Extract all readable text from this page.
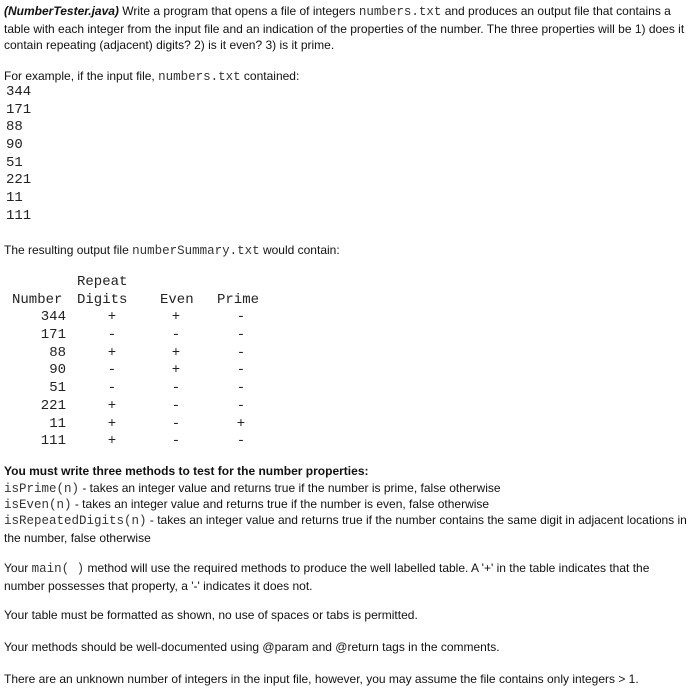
(NumberTester.java) Write a program that opens a file of integers numbers.txt and produces an output file that contains a table with each integer from the input file and an indication of the properties of the number. The three properties will be 1) does it contain repeating (adjacent) digits? 2) is it even? 3) is it prime.

For example, if the input file, numbers.txt contained:

344
171
88
90
51
221
11
111

The resulting output file numberSummary.txt would contain:

Repeat
Number Digits Even Prime
344	+	+	-
171	-	-	-
88	+	+	-
90	-	+	-
51	-	-	-
221	+	-	-
11	+	-	+
111	+	-	-

You must write three methods to test for the number properties:

isPrime(n) - takes an integer value and returns true if the number is prime, false otherwise

isEven(n) - takes an integer value and returns true if the number is even, false otherwise

isRepeatedDigits(n) - takes an integer value and returns true if the number contains the same digit in adjacent locations in the number, false otherwise

Your main( ) method will use the required methods to produce the well labelled table. A '+' in the table indicates that the number possesses that property, a '-' indicates it does not.

Your table must be formatted as shown, no use of spaces or tabs is permitted.

Your methods should be well-documented using @param and @return tags in the comments.

There are an unknown number of integers in the input file, however, you may assume the file contains only integers > 1.
